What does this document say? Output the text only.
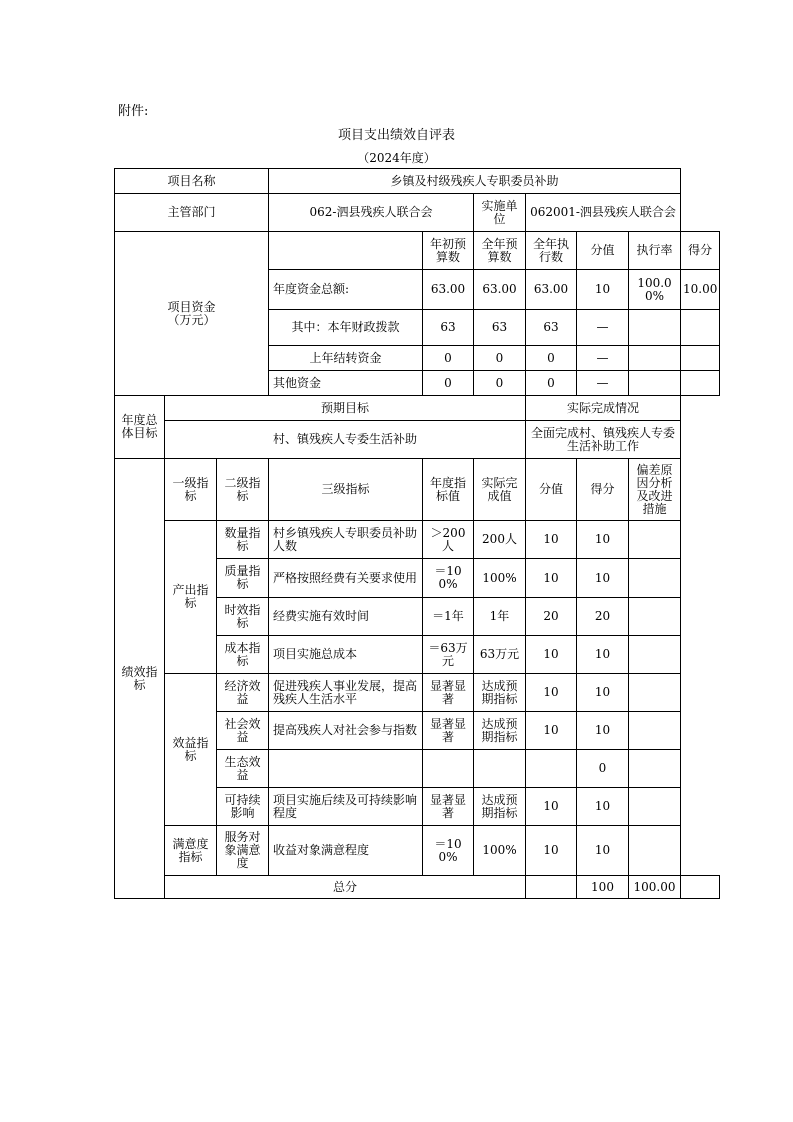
附件:
项目支出绩效自评表
（2024年度）
项目名称			乡镇及村级残疾人专职委员补助						
主管部门			062-泗县残疾人联合会		实施单位	062001-泗县残疾人联合会			
项目资金
（万元）				年初预算数	全年预算数	全年执行数	分值	执行率	得分
			年度资金总额:	63.00	63.00	63.00	10	100.00%	10.00
			其中：本年财政拨款	63	63	63	—		
			上年结转资金	0	0	0	—		
			其他资金	0	0	0	—		
年度总体目标	预期目标					实际完成情况			
	村、镇残疾人专委生活补助					全面完成村、镇残疾人专委生活补助工作			
绩效指标	一级指标	二级指标	三级指标	年度指标值	实际完成值	分值	得分	偏差原因分析及改进措施	
	产出指标	数量指标	村乡镇残疾人专职委员补助人数	＞200人	200人	10	10		
		质量指标	严格按照经费有关要求使用	＝100%	100%	10	10		
		时效指标	经费实施有效时间	＝1年	1年	20	20		
		成本指标	项目实施总成本	＝63万元	63万元	10	10		
	效益指标	经济效益	促进残疾人事业发展，提高残疾人生活水平	显著显著	达成预期指标	10	10		
		社会效益	提高残疾人对社会参与指数	显著显著	达成预期指标	10	10		
		生态效益					0		
		可持续影响	项目实施后续及可持续影响程度	显著显著	达成预期指标	10	10		
	满意度指标	服务对象满意度	收益对象满意程度	＝100%	100%	10	10		
	总分						100	100.00	
